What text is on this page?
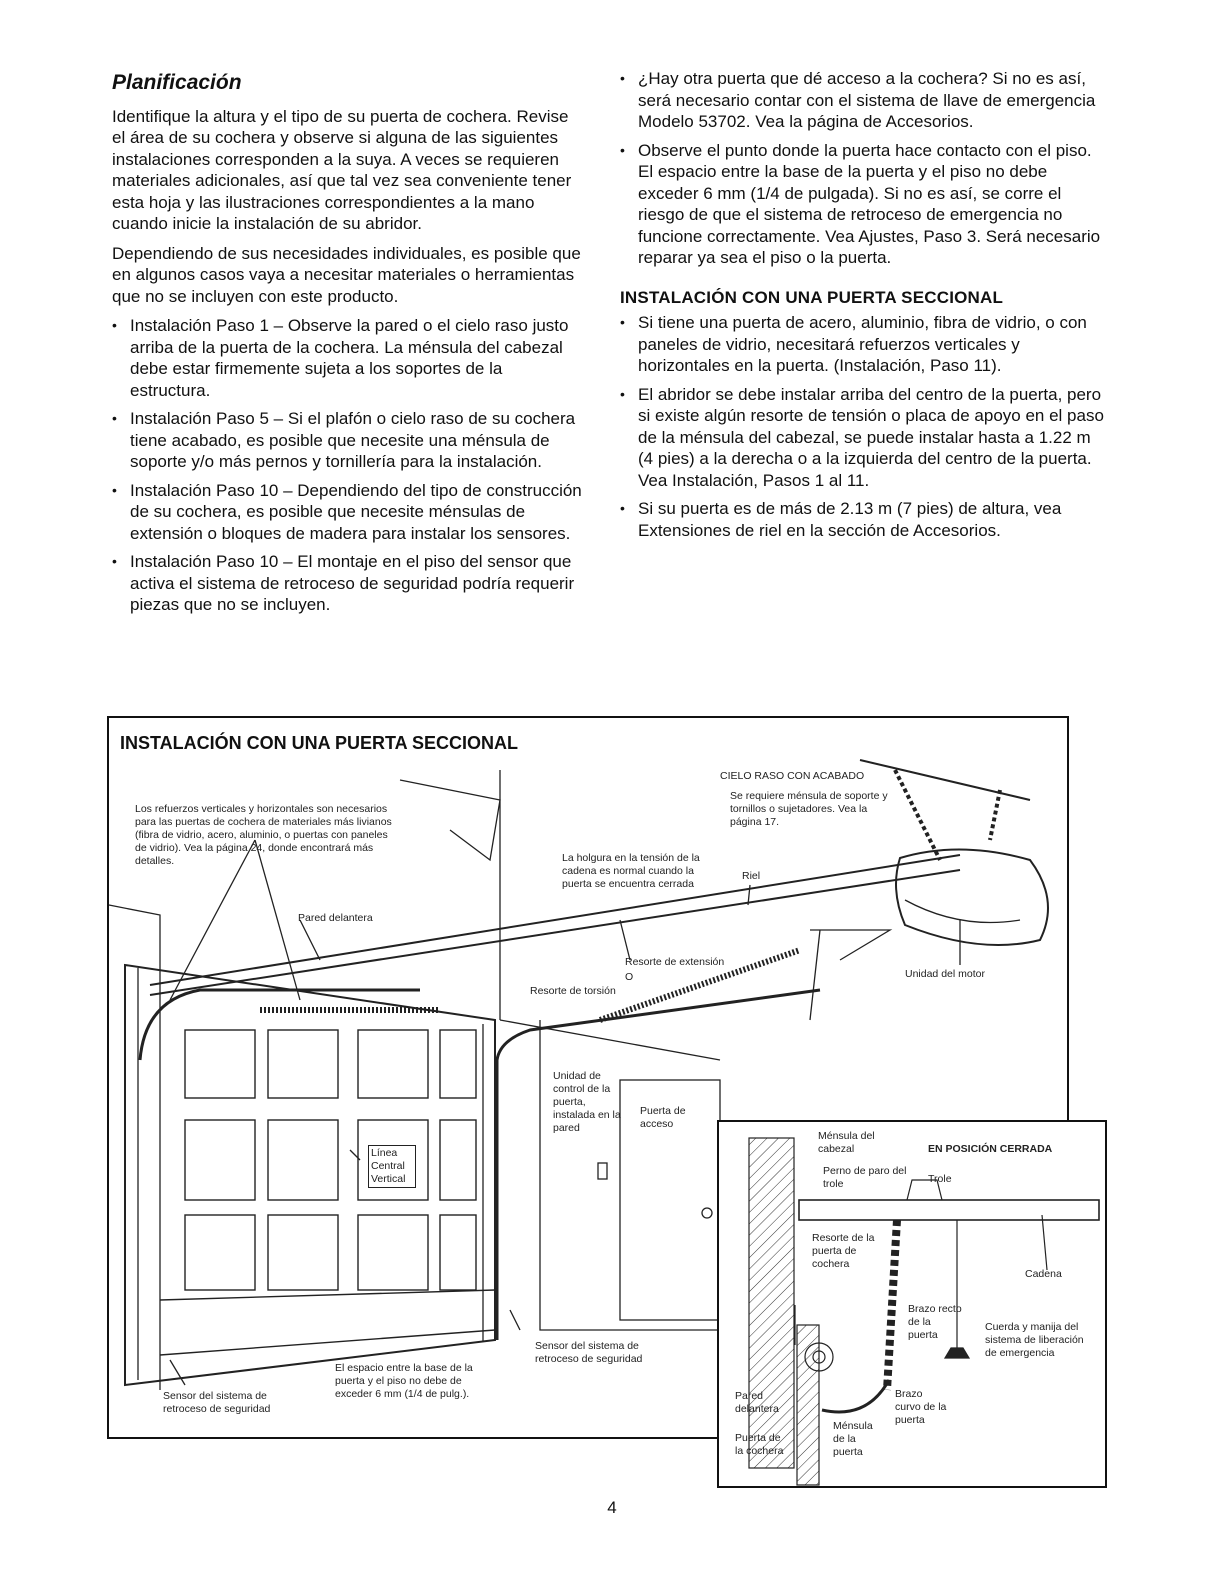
Planificación

Identifique la altura y el tipo de su puerta de cochera. Revise el área de su cochera y observe si alguna de las siguientes instalaciones corresponden a la suya. A veces se requieren materiales adicionales, así que tal vez sea conveniente tener esta hoja y las ilustraciones correspondientes a la mano cuando inicie la instalación de su abridor.

Dependiendo de sus necesidades individuales, es posible que en algunos casos vaya a necesitar materiales o herramientas que no se incluyen con este producto.

• Instalación Paso 1 – Observe la pared o el cielo raso justo arriba de la puerta de la cochera. La ménsula del cabezal debe estar firmemente sujeta a los soportes de la estructura.
• Instalación Paso 5 – Si el plafón o cielo raso de su cochera tiene acabado, es posible que necesite una ménsula de soporte y/o más pernos y tornillería para la instalación.
• Instalación Paso 10 – Dependiendo del tipo de construcción de su cochera, es posible que necesite ménsulas de extensión o bloques de madera para instalar los sensores.
• Instalación Paso 10 – El montaje en el piso del sensor que activa el sistema de retroceso de seguridad podría requerir piezas que no se incluyen.
• ¿Hay otra puerta que dé acceso a la cochera? Si no es así, será necesario contar con el sistema de llave de emergencia Modelo 53702. Vea la página de Accesorios.
• Observe el punto donde la puerta hace contacto con el piso. El espacio entre la base de la puerta y el piso no debe exceder 6 mm (1/4 de pulgada). Si no es así, se corre el riesgo de que el sistema de retroceso de emergencia no funcione correctamente. Vea Ajustes, Paso 3. Será necesario reparar ya sea el piso o la puerta.
INSTALACIÓN CON UNA PUERTA SECCIONAL
• Si tiene una puerta de acero, aluminio, fibra de vidrio, o con paneles de vidrio, necesitará refuerzos verticales y horizontales en la puerta. (Instalación, Paso 11).
• El abridor se debe instalar arriba del centro de la puerta, pero si existe algún resorte de tensión o placa de apoyo en el paso de la ménsula del cabezal, se puede instalar hasta a 1.22 m (4 pies) a la derecha o a la izquierda del centro de la puerta. Vea Instalación, Pasos 1 al 11.
• Si su puerta es de más de 2.13 m (7 pies) de altura, vea Extensiones de riel en la sección de Accesorios.
INSTALACIÓN CON UNA PUERTA SECCIONAL
Los refuerzos verticales y horizontales son necesarios para las puertas de cochera de materiales más livianos (fibra de vidrio, acero, aluminio, o puertas con paneles de vidrio). Vea la página 24, donde encontrará más detalles.
Pared delantera
CIELO RASO CON ACABADO
Se requiere ménsula de soporte y tornillos o sujetadores. Vea la página 17.
La holgura en la tensión de la cadena es normal cuando la puerta se encuentra cerrada
Riel
Resorte de extensión
O
Resorte de torsión
Unidad del motor
Unidad de control de la puerta, instalada en la pared
Puerta de acceso
Línea Central Vertical
Sensor del sistema de retroceso de seguridad
El espacio entre la base de la puerta y el piso no debe de exceder 6 mm (1/4 de pulg.).
Sensor del sistema de retroceso de seguridad
EN POSICIÓN CERRADA
Ménsula del cabezal
Perno de paro del trole	Trole
Resorte de la puerta de cochera
Cadena
Brazo recto de la puerta
Cuerda y manija del sistema de liberación de emergencia
Pared delantera
Brazo curvo de la puerta
Puerta de la cochera
Ménsula de la puerta
4
